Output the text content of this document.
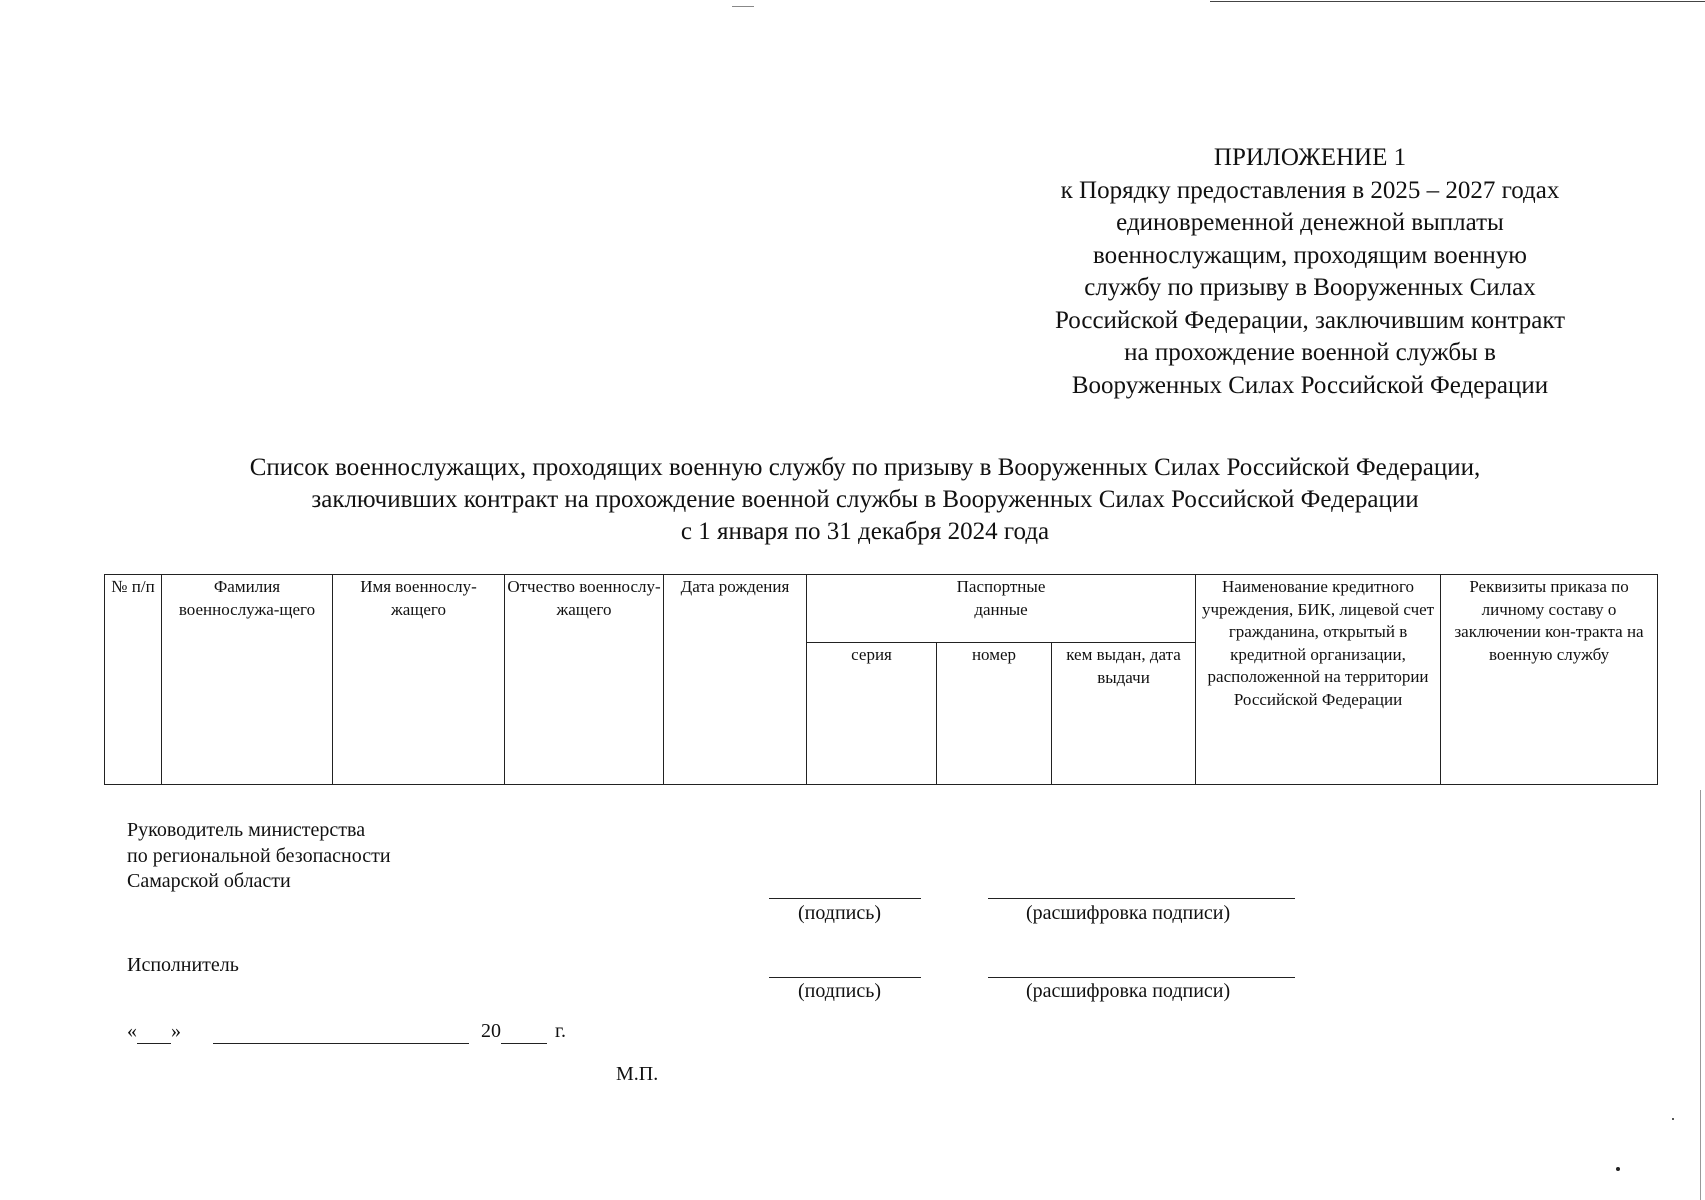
ПРИЛОЖЕНИЕ 1
к Порядку предоставления в 2025 – 2027 годах
единовременной денежной выплаты
военнослужащим, проходящим военную
службу по призыву в Вооруженных Силах
Российской Федерации, заключившим контракт
на прохождение военной службы в
Вооруженных Силах Российской Федерации
Список военнослужащих, проходящих военную службу по призыву в Вооруженных Силах Российской Федерации,
заключивших контракт на прохождение военной службы в Вооруженных Силах Российской Федерации
с 1 января по 31 декабря 2024 года
№ п/п	Фамилия военнослужа-щего	Имя военнослу-жащего	Отчество военнослу-жащего	Дата рождения	Паспортные данные			Наименование кредитного учреждения, БИК, лицевой счет гражданина, открытый в кредитной организации, расположенной на территории Российской Федерации	Реквизиты приказа по личному составу о заключении кон-тракта на военную службу
					серия	номер	кем выдан, дата выдачи		
Руководитель министерства
по региональной безопасности
Самарской области
(подпись)	(расшифровка подписи)
Исполнитель
(подпись)	(расшифровка подписи)
« »	20	г.
М.П.
